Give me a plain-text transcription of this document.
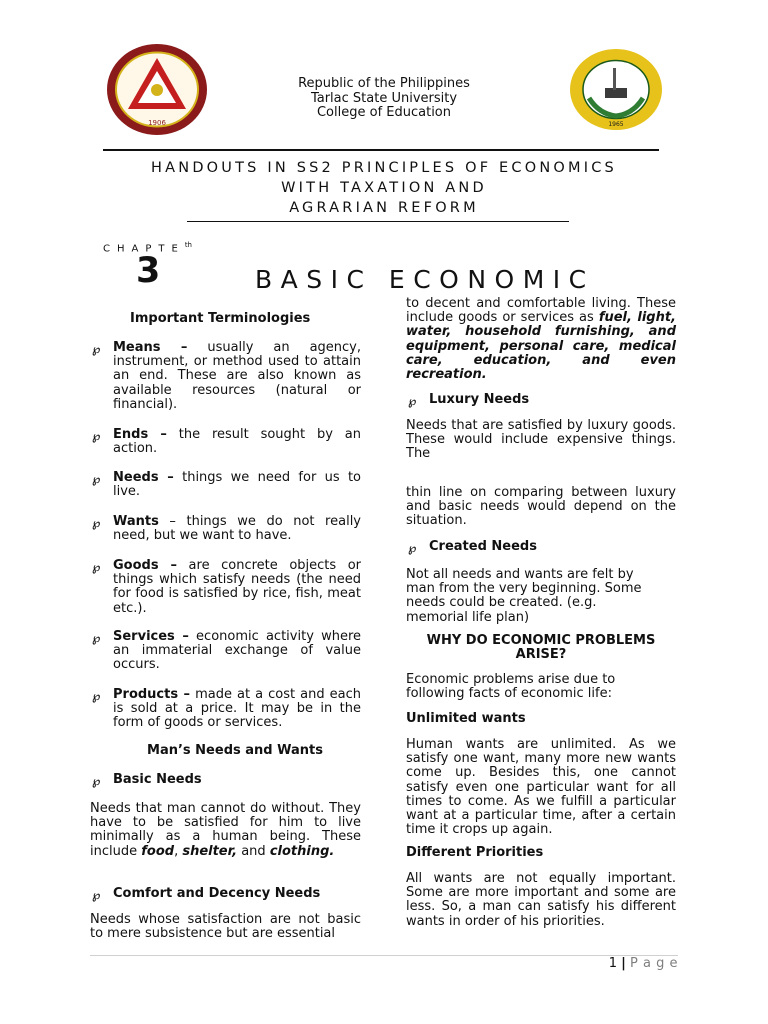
1906	1965
Republic of the Philippines
Tarlac State University
College of Education
HANDOUTS IN SS2 PRINCIPLES OF ECONOMICS
WITH TAXATION AND
AGRARIAN REFORM
$CHAPTE^{th}$
3	BASIC ECONOMIC
Important Terminologies
℘ Means – usually an agency, instrument, or method used to attain an end. These are also known as available resources (natural or financial).

℘ Ends – the result sought by an action.

℘ Needs – things we need for us to live.

℘ Wants – things we do not really need, but we want to have.

℘ Goods – are concrete objects or things which satisfy needs (the need for food is satisfied by rice, fish, meat etc.).

℘ Services – economic activity where an immaterial exchange of value occurs.

℘ Products – made at a cost and each is sold at a price. It may be in the form of goods or services.

Man’s Needs and Wants
℘ Basic Needs

Needs that man cannot do without. They have to be satisfied for him to live minimally as a human being. These include food, shelter, and clothing.

℘ Comfort and Decency Needs

Needs whose satisfaction are not basic to mere subsistence but are essential

to decent and comfortable living. These include goods or services as fuel, light, water, household furnishing, and equipment, personal care, medical care, education, and even recreation.

℘ Luxury Needs

Needs that are satisfied by luxury goods. These would include expensive things. The

thin line on comparing between luxury and basic needs would depend on the situation.

℘ Created Needs

Not all needs and wants are felt by man from the very beginning. Some needs could be created. (e.g. memorial life plan)

WHY DO ECONOMIC PROBLEMS ARISE?

Economic problems arise due to following facts of economic life:

Unlimited wants

Human wants are unlimited. As we satisfy one want, many more new wants come up. Besides this, one cannot satisfy even one particular want for all times to come. As we fulfill a particular want at a particular time, after a certain time it crops up again.

Different Priorities

All wants are not equally important. Some are more important and some are less. So, a man can satisfy his different wants in order of his priorities.

1 | P a g e
